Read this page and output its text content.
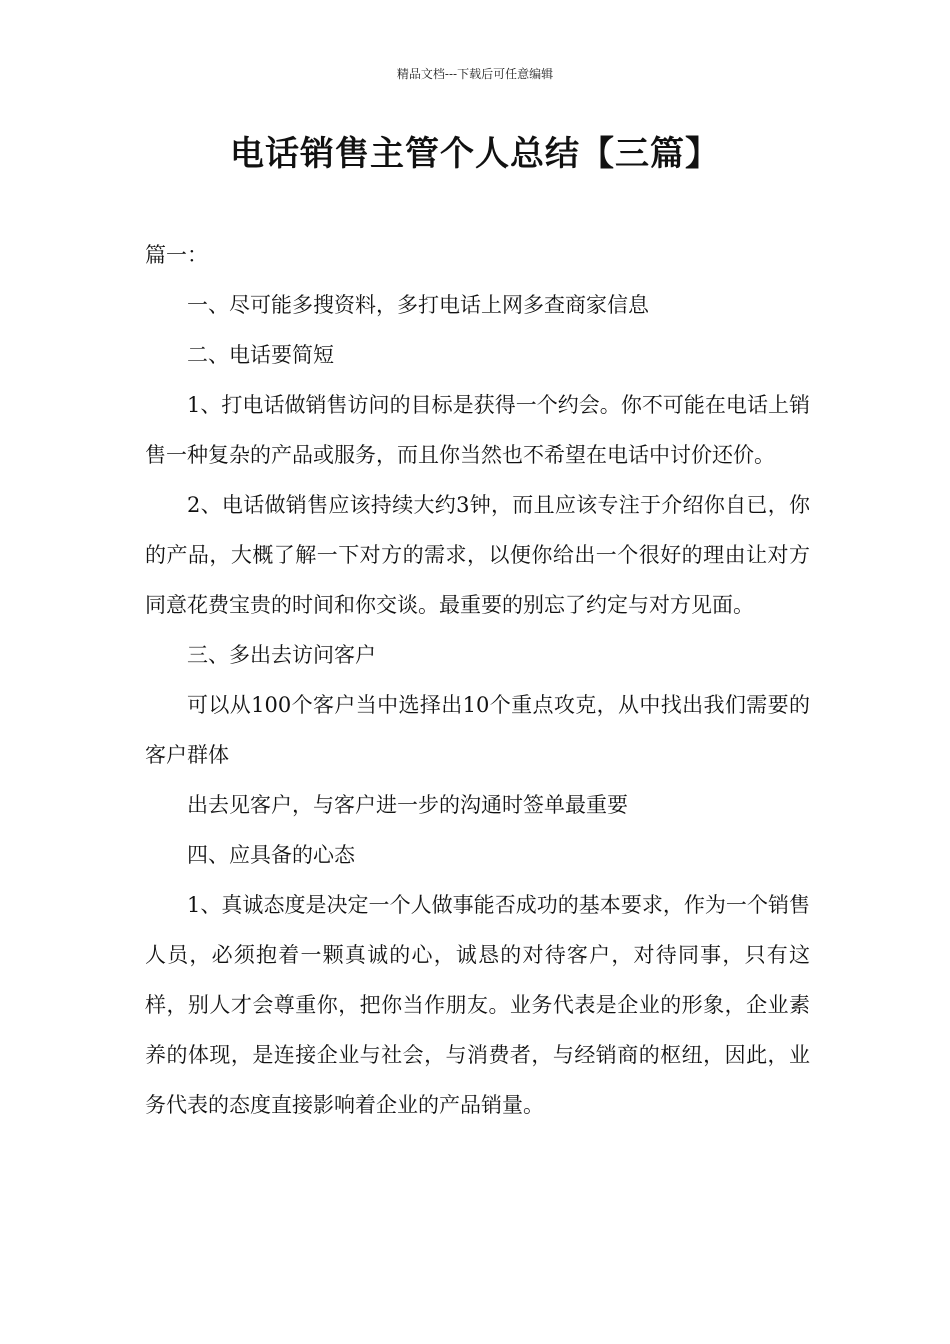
精品文档---下载后可任意编辑
电话销售主管个人总结【三篇】

篇一：

一、尽可能多搜资料，多打电话上网多查商家信息

二、电话要简短

1、打电话做销售访问的目标是获得一个约会。你不可能在电话上销售一种复杂的产品或服务，而且你当然也不希望在电话中讨价还价。

2、电话做销售应该持续大约3钟，而且应该专注于介绍你自已，你的产品，大概了解一下对方的需求，以便你给出一个很好的理由让对方同意花费宝贵的时间和你交谈。最重要的别忘了约定与对方见面。

三、多出去访问客户

可以从100个客户当中选择出10个重点攻克，从中找出我们需要的客户群体

出去见客户，与客户进一步的沟通时签单最重要

四、应具备的心态

1、真诚态度是决定一个人做事能否成功的基本要求，作为一个销售人员，必须抱着一颗真诚的心，诚恳的对待客户，对待同事，只有这样，别人才会尊重你，把你当作朋友。业务代表是企业的形象，企业素养的体现，是连接企业与社会，与消费者，与经销商的枢纽，因此，业务代表的态度直接影响着企业的产品销量。
